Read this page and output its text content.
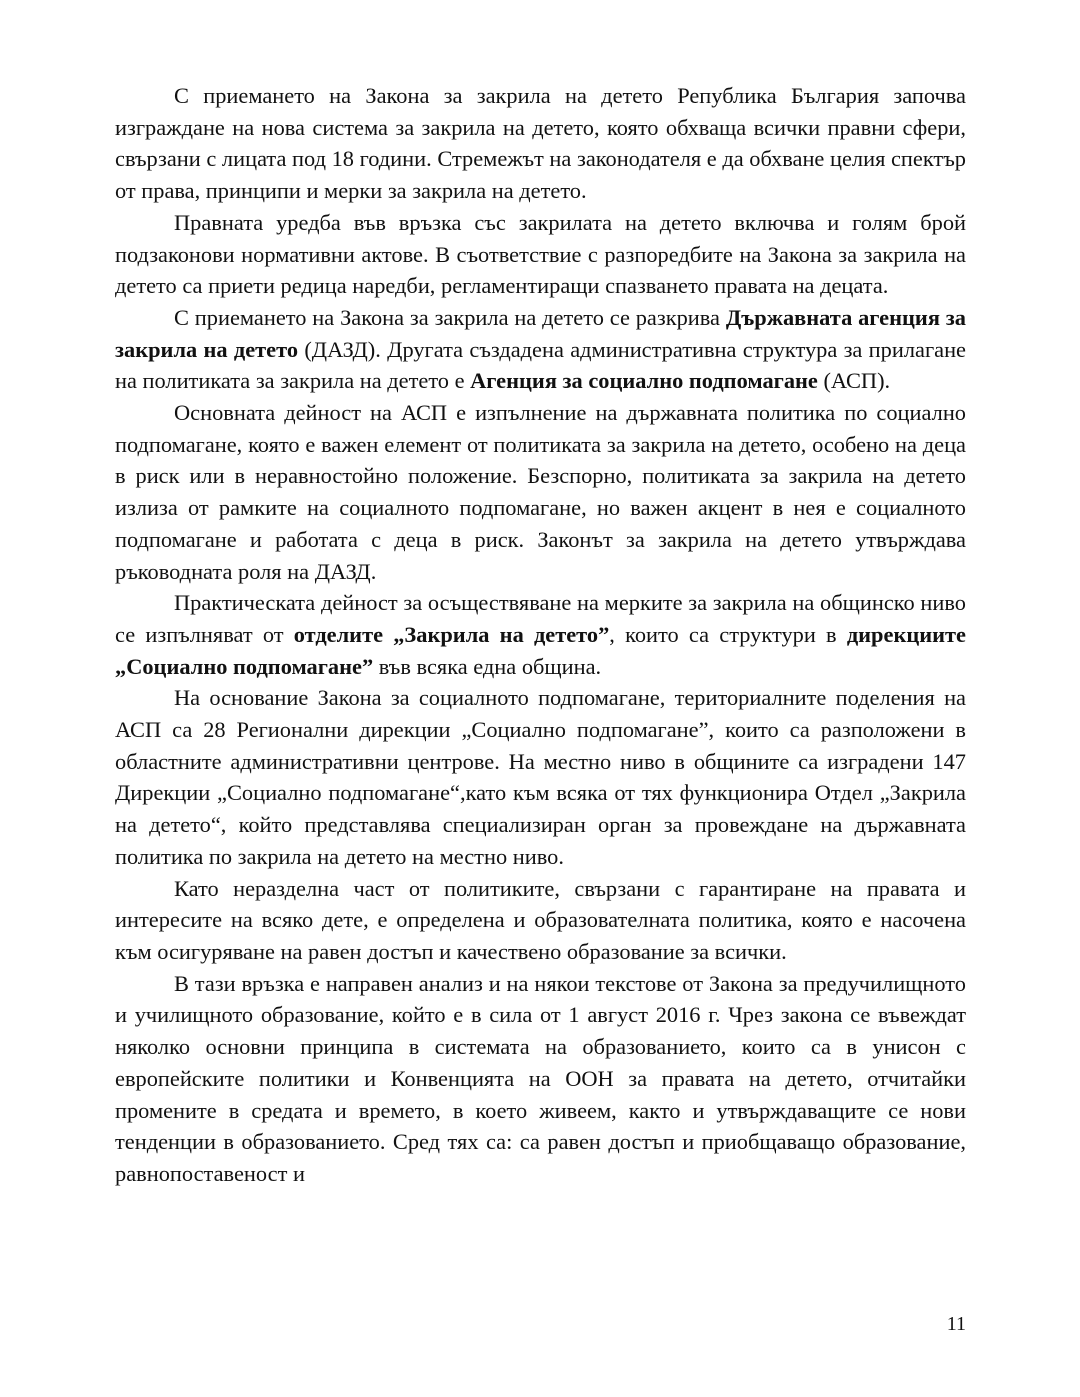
С приемането на Закона за закрила на детето Република България започва изграждане на нова система за закрила на детето, която обхваща всички правни сфери, свързани с лицата под 18 години. Стремежът на законодателя е да обхване целия спектър от права, принципи и мерки за закрила на детето.

Правната уредба във връзка със закрилата на детето включва и голям брой подзаконови нормативни актове. В съответствие с разпоредбите на Закона за закрила на детето са приети редица наредби, регламентиращи спазването правата на децата.

С приемането на Закона за закрила на детето се разкрива Държавната агенция за закрила на детето (ДАЗД). Другата създадена административна структура за прилагане на политиката за закрила на детето е Агенция за социално подпомагане (АСП).

Основната дейност на АСП е изпълнение на държавната политика по социално подпомагане, която е важен елемент от политиката за закрила на детето, особено на деца в риск или в неравностойно положение. Безспорно, политиката за закрила на детето излиза от рамките на социалното подпомагане, но важен акцент в нея е социалното подпомагане и работата с деца в риск. Законът за закрила на детето утвърждава ръководната роля на ДАЗД.

Практическата дейност за осъществяване на мерките за закрила на общинско ниво се изпълняват от отделите „Закрила на детето”, които са структури в дирекциите „Социално подпомагане” във всяка една община.

На основание Закона за социалното подпомагане, териториалните поделения на АСП са 28 Регионални дирекции „Социално подпомагане”, които са разположени в областните административни центрове. На местно ниво в общините са изградени 147 Дирекции „Социално подпомагане“,като към всяка от тях функционира Отдел „Закрила на детето“, който представлява специализиран орган за провеждане на държавната политика по закрила на детето на местно ниво.

Като неразделна част от политиките, свързани с гарантиране на правата и интересите на всяко дете, е определена и образователната политика, която е насочена към осигуряване на равен достъп и качествено образование за всички.

В тази връзка е направен анализ и на някои текстове от Закона за предучилищното и училищното образование, който е в сила от 1 август 2016 г. Чрез закона се въвеждат няколко основни принципа в системата на образованието, които са в унисон с европейските политики и Конвенцията на ООН за правата на детето, отчитайки промените в средата и времето, в което живеем, както и утвърждаващите се нови тенденции в образованието. Сред тях са: са равен достъп и приобщаващо образование, равнопоставеност и

11
